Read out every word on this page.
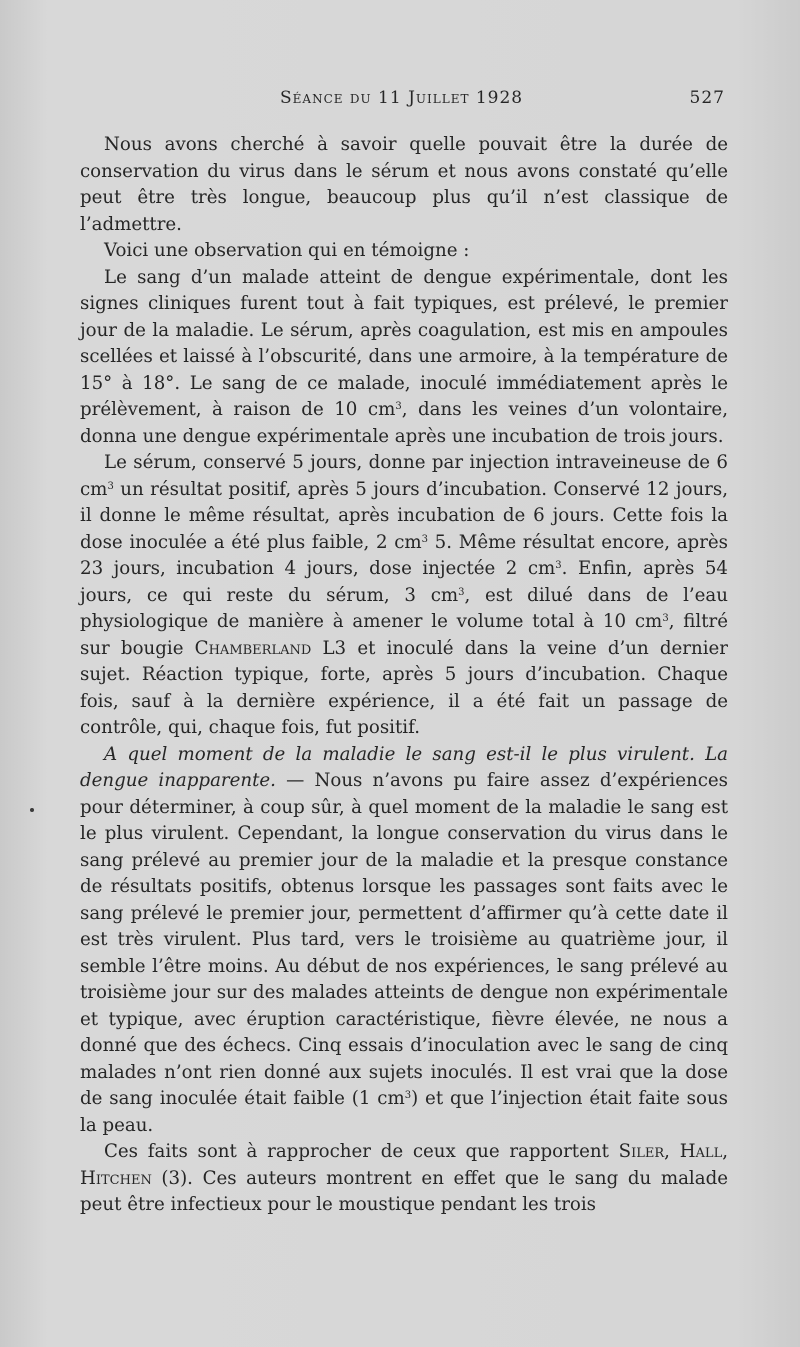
Séance du 11 Juillet 1928	527

Nous avons cherché à savoir quelle pouvait être la durée de conservation du virus dans le sérum et nous avons constaté qu’elle peut être très longue, beaucoup plus qu’il n’est classique de l’admettre.

Voici une observation qui en témoigne :

Le sang d’un malade atteint de dengue expérimentale, dont les signes cliniques furent tout à fait typiques, est prélevé, le premier jour de la maladie. Le sérum, après coagulation, est mis en ampoules scellées et laissé à l’obscurité, dans une armoire, à la température de 15° à 18°. Le sang de ce malade, inoculé immédiatement après le prélèvement, à raison de 10 $cm^3$, dans les veines d’un volontaire, donna une dengue expérimentale après une incubation de trois jours.

Le sérum, conservé 5 jours, donne par injection intraveineuse de 6 $cm^3$ un résultat positif, après 5 jours d’incubation. Conservé 12 jours, il donne le même résultat, après incubation de 6 jours. Cette fois la dose inoculée a été plus faible, 2 $cm^3$ 5. Même résultat encore, après 23 jours, incubation 4 jours, dose injectée 2 $cm^3$. Enfin, après 54 jours, ce qui reste du sérum, 3 $cm^3$, est dilué dans de l’eau physiologique de manière à amener le volume total à 10 $cm^3$, filtré sur bougie Chamberland L3 et inoculé dans la veine d’un dernier sujet. Réaction typique, forte, après 5 jours d’incubation. Chaque fois, sauf à la dernière expérience, il a été fait un passage de contrôle, qui, chaque fois, fut positif.

A quel moment de la maladie le sang est-il le plus virulent. La dengue inapparente. — Nous n’avons pu faire assez d’expériences pour déterminer, à coup sûr, à quel moment de la maladie le sang est le plus virulent. Cependant, la longue conservation du virus dans le sang prélevé au premier jour de la maladie et la presque constance de résultats positifs, obtenus lorsque les passages sont faits avec le sang prélevé le premier jour, permettent d’affirmer qu’à cette date il est très virulent. Plus tard, vers le troisième au quatrième jour, il semble l’être moins. Au début de nos expériences, le sang prélevé au troisième jour sur des malades atteints de dengue non expérimentale et typique, avec éruption caractéristique, fièvre élevée, ne nous a donné que des échecs. Cinq essais d’inoculation avec le sang de cinq malades n’ont rien donné aux sujets inoculés. Il est vrai que la dose de sang inoculée était faible (1 $cm^3$) et que l’injection était faite sous la peau.

Ces faits sont à rapprocher de ceux que rapportent Siler, Hall, Hitchen (3). Ces auteurs montrent en effet que le sang du malade peut être infectieux pour le moustique pendant les trois
